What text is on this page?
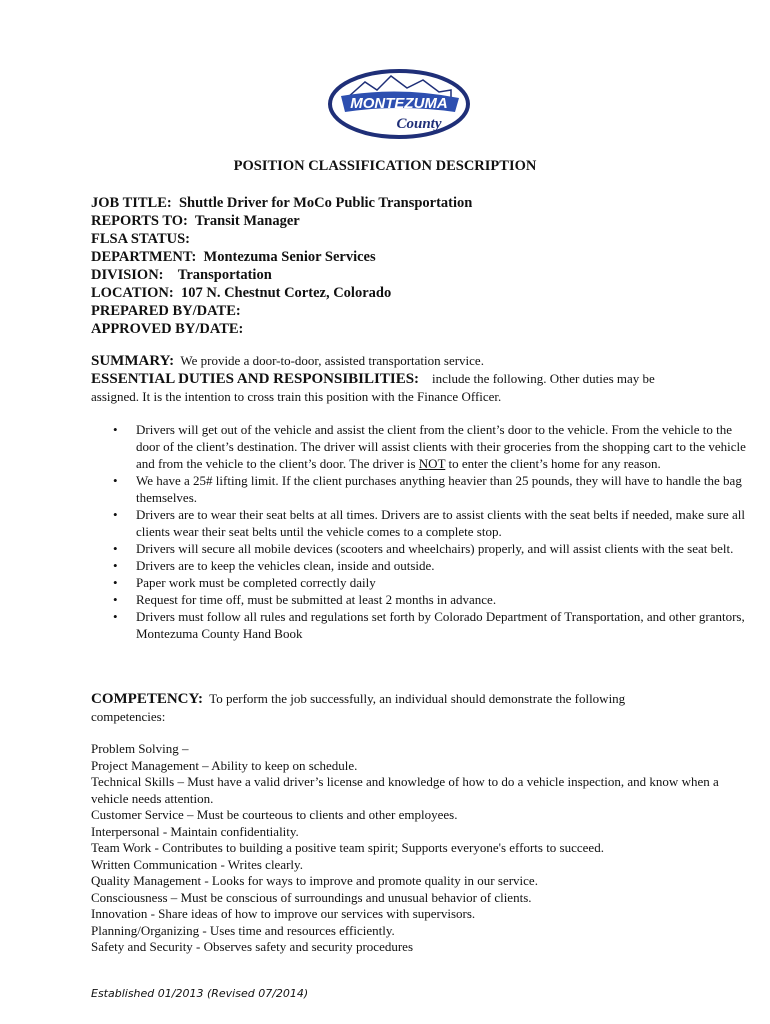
MONTEZUMA
County
POSITION CLASSIFICATION DESCRIPTION
JOB TITLE: Shuttle Driver for MoCo Public Transportation
REPORTS TO: Transit Manager
FLSA STATUS:
DEPARTMENT: Montezuma Senior Services
DIVISION: Transportation
LOCATION: 107 N. Chestnut Cortez, Colorado
PREPARED BY/DATE:
APPROVED BY/DATE:
SUMMARY: We provide a door-to-door, assisted transportation service.
ESSENTIAL DUTIES AND RESPONSIBILITIES: include the following. Other duties may be
assigned. It is the intention to cross train this position with the Finance Officer.
• Drivers will get out of the vehicle and assist the client from the client’s door to the vehicle. From the vehicle to the door of the client’s destination. The driver will assist clients with their groceries from the shopping cart to the vehicle and from the vehicle to the client’s door. The driver is NOT to enter the client’s home for any reason.
• We have a 25# lifting limit. If the client purchases anything heavier than 25 pounds, they will have to handle the bag themselves.
• Drivers are to wear their seat belts at all times. Drivers are to assist clients with the seat belts if needed, make sure all clients wear their seat belts until the vehicle comes to a complete stop.
• Drivers will secure all mobile devices (scooters and wheelchairs) properly, and will assist clients with the seat belt.
• Drivers are to keep the vehicles clean, inside and outside.
• Paper work must be completed correctly daily
• Request for time off, must be submitted at least 2 months in advance.
• Drivers must follow all rules and regulations set forth by Colorado Department of Transportation, and other grantors, Montezuma County Hand Book
COMPETENCY: To perform the job successfully, an individual should demonstrate the following
competencies:
Problem Solving –
Project Management – Ability to keep on schedule.
Technical Skills – Must have a valid driver’s license and knowledge of how to do a vehicle inspection, and know when a vehicle needs attention.
Customer Service – Must be courteous to clients and other employees.
Interpersonal - Maintain confidentiality.
Team Work - Contributes to building a positive team spirit; Supports everyone's efforts to succeed.
Written Communication - Writes clearly.
Quality Management - Looks for ways to improve and promote quality in our service.
Consciousness – Must be conscious of surroundings and unusual behavior of clients.
Innovation - Share ideas of how to improve our services with supervisors.
Planning/Organizing - Uses time and resources efficiently.
Safety and Security - Observes safety and security procedures
Established 01/2013 (Revised 07/2014)
